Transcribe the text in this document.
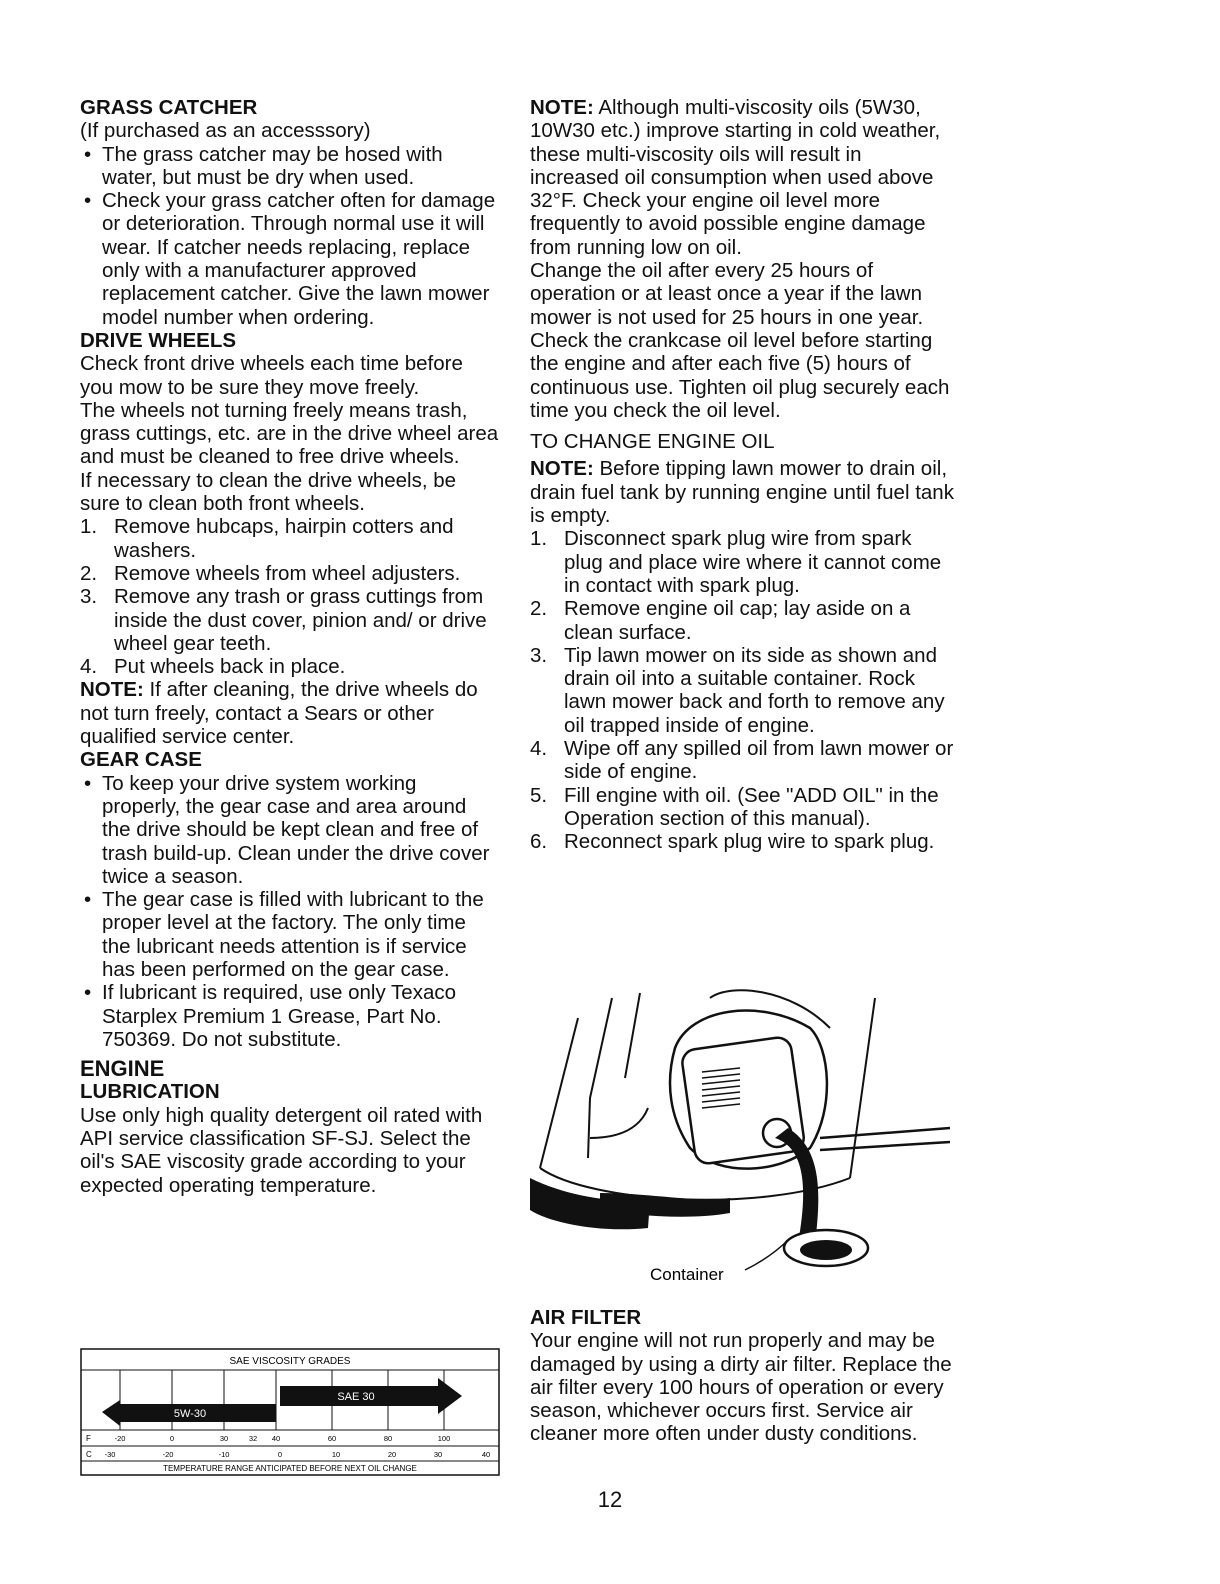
GRASS CATCHER

(If purchased as an accesssory)

• The grass catcher may be hosed with water, but must be dry when used.
• Check your grass catcher often for damage or deterioration. Through normal use it will wear. If catcher needs replacing, replace only with a manufacturer approved replacement catcher. Give the lawn mower model number when ordering.
DRIVE WHEELS

Check front drive wheels each time before you mow to be sure they move freely.

The wheels not turning freely means trash, grass cuttings, etc. are in the drive wheel area and must be cleaned to free drive wheels.

If necessary to clean the drive wheels, be sure to clean both front wheels.

1. Remove hubcaps, hairpin cotters and washers.
2. Remove wheels from wheel adjusters.
3. Remove any trash or grass cuttings from inside the dust cover, pinion and/ or drive wheel gear teeth.
4. Put wheels back in place.

NOTE: If after cleaning, the drive wheels do not turn freely, contact a Sears or other qualified service center.

GEAR CASE
• To keep your drive system working properly, the gear case and area around the drive should be kept clean and free of trash build-up. Clean under the drive cover twice a season.
• The gear case is filled with lubricant to the proper level at the factory. The only time the lubricant needs attention is if service has been performed on the gear case.
• If lubricant is required, use only Texaco Starplex Premium 1 Grease, Part No. 750369. Do not substitute.
ENGINE
LUBRICATION

Use only high quality detergent oil rated with API service classification SF-SJ. Select the oil's SAE viscosity grade according to your expected operating temperature.

SAE VISCOSITY GRADES
SAE 30
5W-30
F	-20	0	30	32 40	60	80	100
C -30	-20	-10	0	10	20	30	40
TEMPERATURE RANGE ANTICIPATED BEFORE NEXT OIL CHANGE

NOTE: Although multi-viscosity oils (5W30, 10W30 etc.) improve starting in cold weather, these multi-viscosity oils will result in increased oil consumption when used above 32°F. Check your engine oil level more frequently to avoid possible engine damage from running low on oil.

Change the oil after every 25 hours of operation or at least once a year if the lawn mower is not used for 25 hours in one year.

Check the crankcase oil level before starting the engine and after each five (5) hours of continuous use. Tighten oil plug securely each time you check the oil level.

TO CHANGE ENGINE OIL

NOTE: Before tipping lawn mower to drain oil, drain fuel tank by running engine until fuel tank is empty.

1. Disconnect spark plug wire from spark plug and place wire where it cannot come in contact with spark plug.
2. Remove engine oil cap; lay aside on a clean surface.
3. Tip lawn mower on its side as shown and drain oil into a suitable container. Rock lawn mower back and forth to remove any oil trapped inside of engine.
4. Wipe off any spilled oil from lawn mower or side of engine.
5. Fill engine with oil. (See "ADD OIL" in the Operation section of this manual).
6. Reconnect spark plug wire to spark plug.
Container
AIR FILTER

Your engine will not run properly and may be damaged by using a dirty air filter. Replace the air filter every 100 hours of operation or every season, whichever occurs first. Service air cleaner more often under dusty conditions.

12
